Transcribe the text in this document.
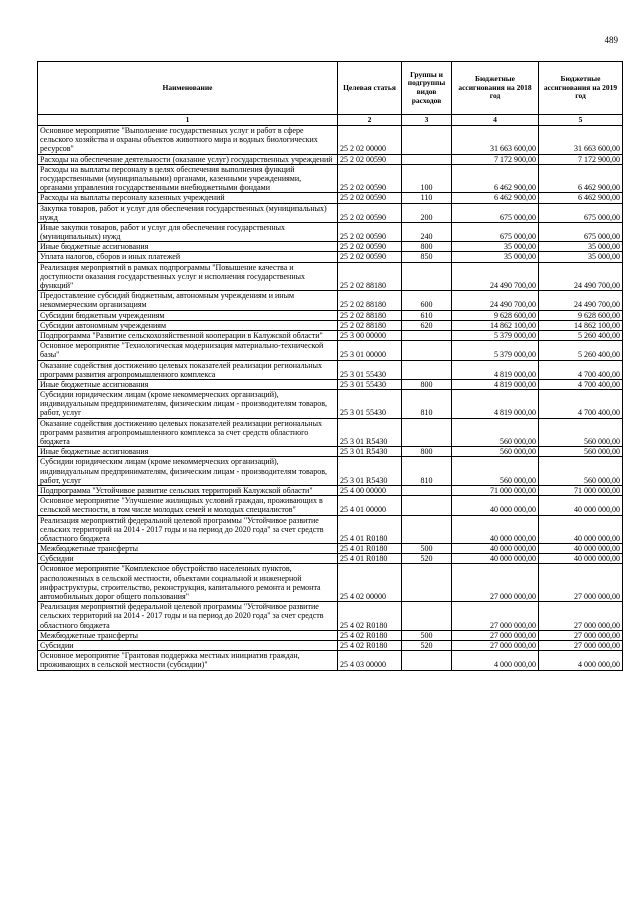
489
Наименование	Целевая статья	Группы и подгруппы видов расходов	Бюджетные ассигнования на 2018 год	Бюджетные ассигнования на 2019 год
1	2	3	4	5
Основное мероприятие "Выполнение государственных услуг и работ в сфере сельского хозяйства и охраны объектов животного мира и водных биологических ресурсов"	25 2 02 00000		31 663 600,00	31 663 600,00
Расходы на обеспечение деятельности (оказание услуг) государственных учреждений	25 2 02 00590		7 172 900,00	7 172 900,00
Расходы на выплаты персоналу в целях обеспечения выполнения функций государственными (муниципальными) органами, казенными учреждениями, органами управления государственными внебюджетными фондами	25 2 02 00590	100	6 462 900,00	6 462 900,00
Расходы на выплаты персоналу казенных учреждений	25 2 02 00590	110	6 462 900,00	6 462 900,00
Закупка товаров, работ и услуг для обеспечения государственных (муниципальных) нужд	25 2 02 00590	200	675 000,00	675 000,00
Иные закупки товаров, работ и услуг для обеспечения государственных (муниципальных) нужд	25 2 02 00590	240	675 000,00	675 000,00
Иные бюджетные ассигнования	25 2 02 00590	800	35 000,00	35 000,00
Уплата налогов, сборов и иных платежей	25 2 02 00590	850	35 000,00	35 000,00
Реализация мероприятий в рамках подпрограммы "Повышение качества и доступности оказания государственных услуг и исполнения государственных функций"	25 2 02 88180		24 490 700,00	24 490 700,00
Предоставление субсидий бюджетным, автономным учреждениям и иным некоммерческим организациям	25 2 02 88180	600	24 490 700,00	24 490 700,00
Субсидии бюджетным учреждениям	25 2 02 88180	610	9 628 600,00	9 628 600,00
Субсидии автономным учреждениям	25 2 02 88180	620	14 862 100,00	14 862 100,00
Подпрограмма "Развитие сельскохозяйственной кооперации в Калужской области"	25 3 00 00000		5 379 000,00	5 260 400,00
Основное мероприятие "Технологическая модернизация материально-технической базы"	25 3 01 00000		5 379 000,00	5 260 400,00
Оказание содействия достижению целевых показателей реализации региональных программ развития агропромышленного комплекса	25 3 01 55430		4 819 000,00	4 700 400,00
Иные бюджетные ассигнования	25 3 01 55430	800	4 819 000,00	4 700 400,00
Субсидии юридическим лицам (кроме некоммерческих организаций), индивидуальным предпринимателям, физическим лицам - производителям товаров, работ, услуг	25 3 01 55430	810	4 819 000,00	4 700 400,00
Оказание содействия достижению целевых показателей реализации региональных программ развития агропромышленного комплекса за счет средств областного бюджета	25 3 01 R5430		560 000,00	560 000,00
Иные бюджетные ассигнования	25 3 01 R5430	800	560 000,00	560 000,00
Субсидии юридическим лицам (кроме некоммерческих организаций), индивидуальным предпринимателям, физическим лицам - производителям товаров, работ, услуг	25 3 01 R5430	810	560 000,00	560 000,00
Подпрограмма "Устойчивое развитие сельских территорий Калужской области"	25 4 00 00000		71 000 000,00	71 000 000,00
Основное мероприятие "Улучшение жилищных условий граждан, проживающих в сельской местности, в том числе молодых семей и молодых специалистов"	25 4 01 00000		40 000 000,00	40 000 000,00
Реализация мероприятий федеральной целевой программы "Устойчивое развитие сельских территорий на 2014 - 2017 годы и на период до 2020 года" за счет средств областного бюджета	25 4 01 R0180		40 000 000,00	40 000 000,00
Межбюджетные трансферты	25 4 01 R0180	500	40 000 000,00	40 000 000,00
Субсидии	25 4 01 R0180	520	40 000 000,00	40 000 000,00
Основное мероприятие "Комплексное обустройство населенных пунктов, расположенных в сельской местности, объектами социальной и инженерной инфраструктуры, строительство, реконструкция, капитального ремонта и ремонта автомобильных дорог общего пользования"	25 4 02 00000		27 000 000,00	27 000 000,00
Реализация мероприятий федеральной целевой программы "Устойчивое развитие сельских территорий на 2014 - 2017 годы и на период до 2020 года" за счет средств областного бюджета	25 4 02 R0180		27 000 000,00	27 000 000,00
Межбюджетные трансферты	25 4 02 R0180	500	27 000 000,00	27 000 000,00
Субсидии	25 4 02 R0180	520	27 000 000,00	27 000 000,00
Основное мероприятие "Грантовая поддержка местных инициатив граждан, проживающих в сельской местности (субсидии)"	25 4 03 00000		4 000 000,00	4 000 000,00
